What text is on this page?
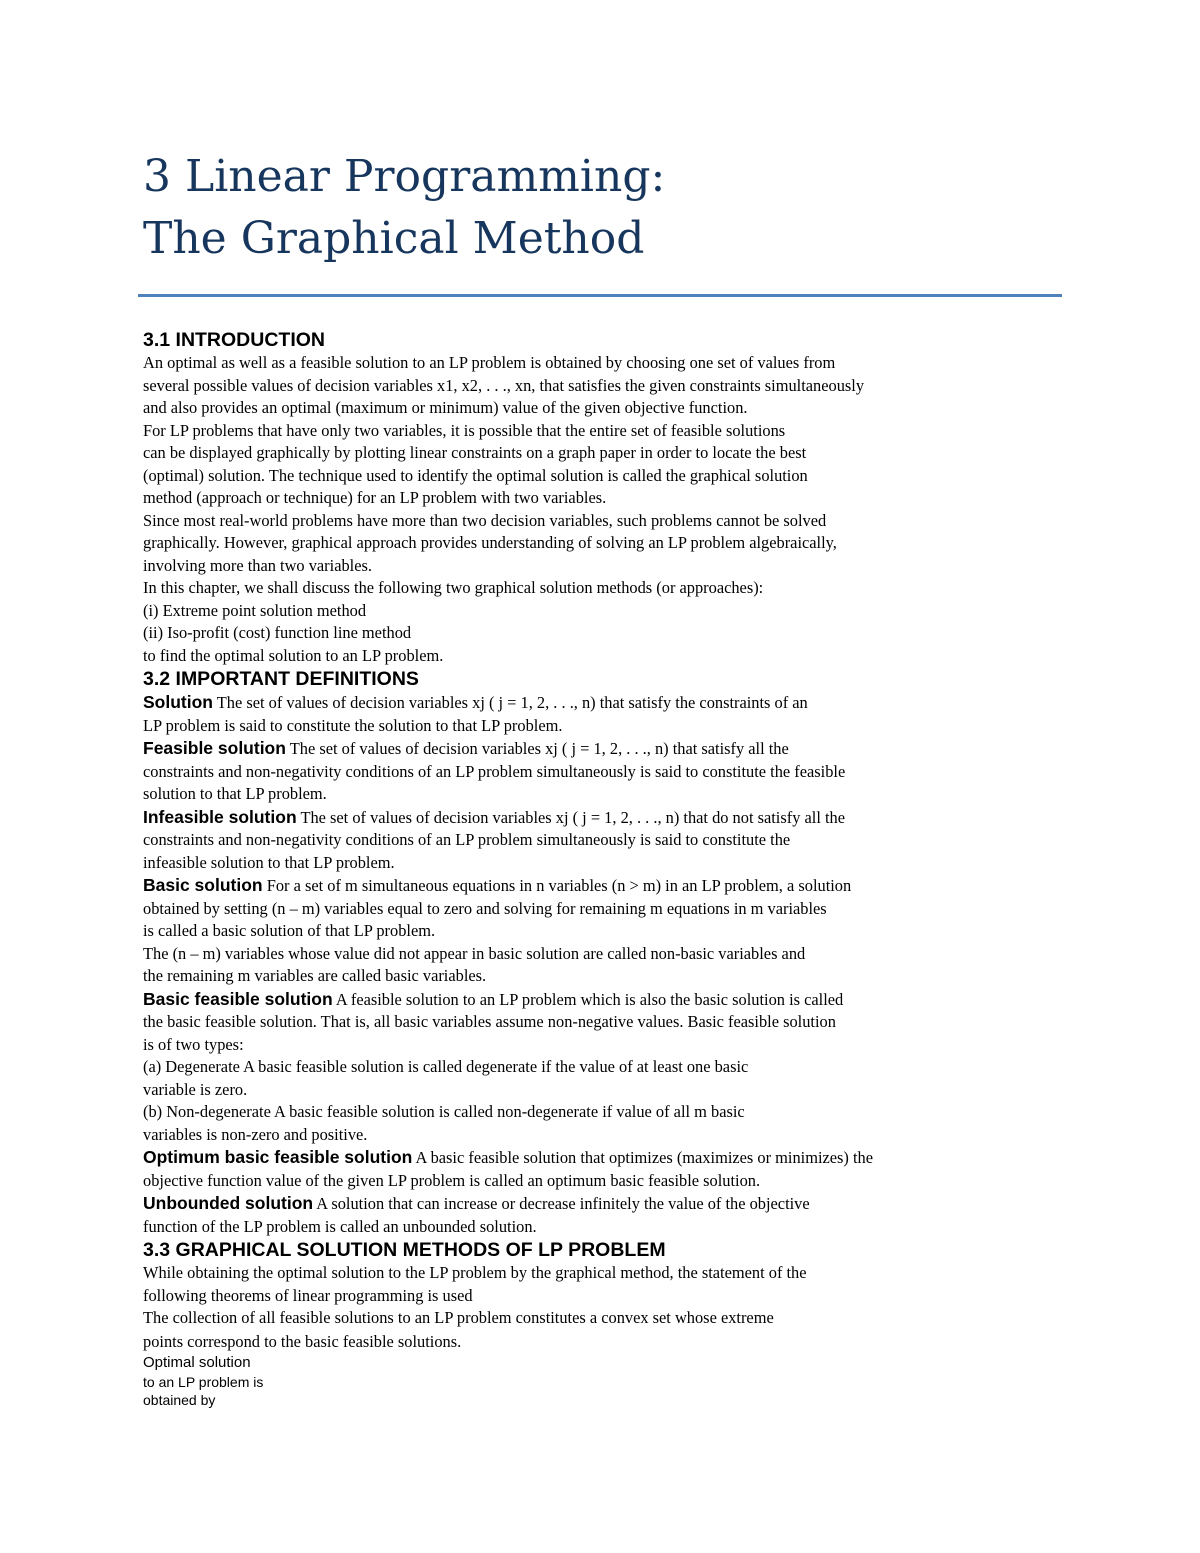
3 Linear Programming:
The Graphical Method

3.1 INTRODUCTION

An optimal as well as a feasible solution to an LP problem is obtained by choosing one set of values from

several possible values of decision variables x1, x2, . . ., xn, that satisfies the given constraints simultaneously

and also provides an optimal (maximum or minimum) value of the given objective function.

For LP problems that have only two variables, it is possible that the entire set of feasible solutions

can be displayed graphically by plotting linear constraints on a graph paper in order to locate the best

(optimal) solution. The technique used to identify the optimal solution is called the graphical solution

method (approach or technique) for an LP problem with two variables.

Since most real-world problems have more than two decision variables, such problems cannot be solved

graphically. However, graphical approach provides understanding of solving an LP problem algebraically,

involving more than two variables.

In this chapter, we shall discuss the following two graphical solution methods (or approaches):

(i) Extreme point solution method

(ii) Iso-profit (cost) function line method

to find the optimal solution to an LP problem.

3.2 IMPORTANT DEFINITIONS

Solution The set of values of decision variables xj ( j = 1, 2, . . ., n) that satisfy the constraints of an

LP problem is said to constitute the solution to that LP problem.

Feasible solution The set of values of decision variables xj ( j = 1, 2, . . ., n) that satisfy all the

constraints and non-negativity conditions of an LP problem simultaneously is said to constitute the feasible

solution to that LP problem.

Infeasible solution The set of values of decision variables xj ( j = 1, 2, . . ., n) that do not satisfy all the

constraints and non-negativity conditions of an LP problem simultaneously is said to constitute the

infeasible solution to that LP problem.

Basic solution For a set of m simultaneous equations in n variables (n > m) in an LP problem, a solution

obtained by setting (n – m) variables equal to zero and solving for remaining m equations in m variables

is called a basic solution of that LP problem.

The (n – m) variables whose value did not appear in basic solution are called non-basic variables and

the remaining m variables are called basic variables.

Basic feasible solution A feasible solution to an LP problem which is also the basic solution is called

the basic feasible solution. That is, all basic variables assume non-negative values. Basic feasible solution

is of two types:

(a) Degenerate A basic feasible solution is called degenerate if the value of at least one basic

variable is zero.

(b) Non-degenerate A basic feasible solution is called non-degenerate if value of all m basic

variables is non-zero and positive.

Optimum basic feasible solution A basic feasible solution that optimizes (maximizes or minimizes) the

objective function value of the given LP problem is called an optimum basic feasible solution.

Unbounded solution A solution that can increase or decrease infinitely the value of the objective

function of the LP problem is called an unbounded solution.

3.3 GRAPHICAL SOLUTION METHODS OF LP PROBLEM

While obtaining the optimal solution to the LP problem by the graphical method, the statement of the

following theorems of linear programming is used

The collection of all feasible solutions to an LP problem constitutes a convex set whose extreme

points correspond to the basic feasible solutions.

Optimal solution

to an LP problem is

obtained by
